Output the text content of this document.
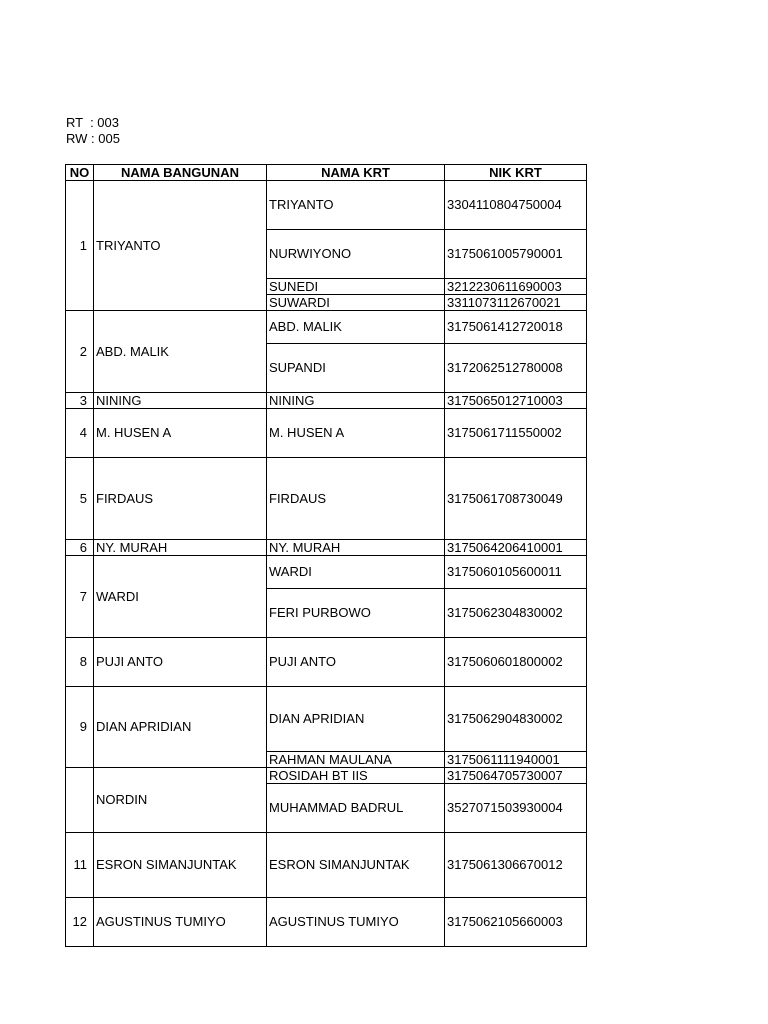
RT  : 003
RW : 005
NO	NAMA BANGUNAN	NAMA KRT	NIK KRT
1	TRIYANTO	TRIYANTO	3304110804750004
		NURWIYONO	3175061005790001
		SUNEDI	3212230611690003
		SUWARDI	3311073112670021
2	ABD. MALIK	ABD. MALIK	3175061412720018
		SUPANDI	3172062512780008
3	NINING	NINING	3175065012710003
4	M. HUSEN A	M. HUSEN A	3175061711550002
5	FIRDAUS	FIRDAUS	3175061708730049
6	NY. MURAH	NY. MURAH	3175064206410001
7	WARDI	WARDI	3175060105600011
		FERI PURBOWO	3175062304830002
8	PUJI ANTO	PUJI ANTO	3175060601800002
9	DIAN APRIDIAN	DIAN APRIDIAN	3175062904830002
		RAHMAN MAULANA	3175061111940001
	NORDIN	ROSIDAH BT IIS	3175064705730007
		MUHAMMAD BADRUL	3527071503930004
11	ESRON SIMANJUNTAK	ESRON SIMANJUNTAK	3175061306670012
12	AGUSTINUS TUMIYO	AGUSTINUS TUMIYO	3175062105660003
